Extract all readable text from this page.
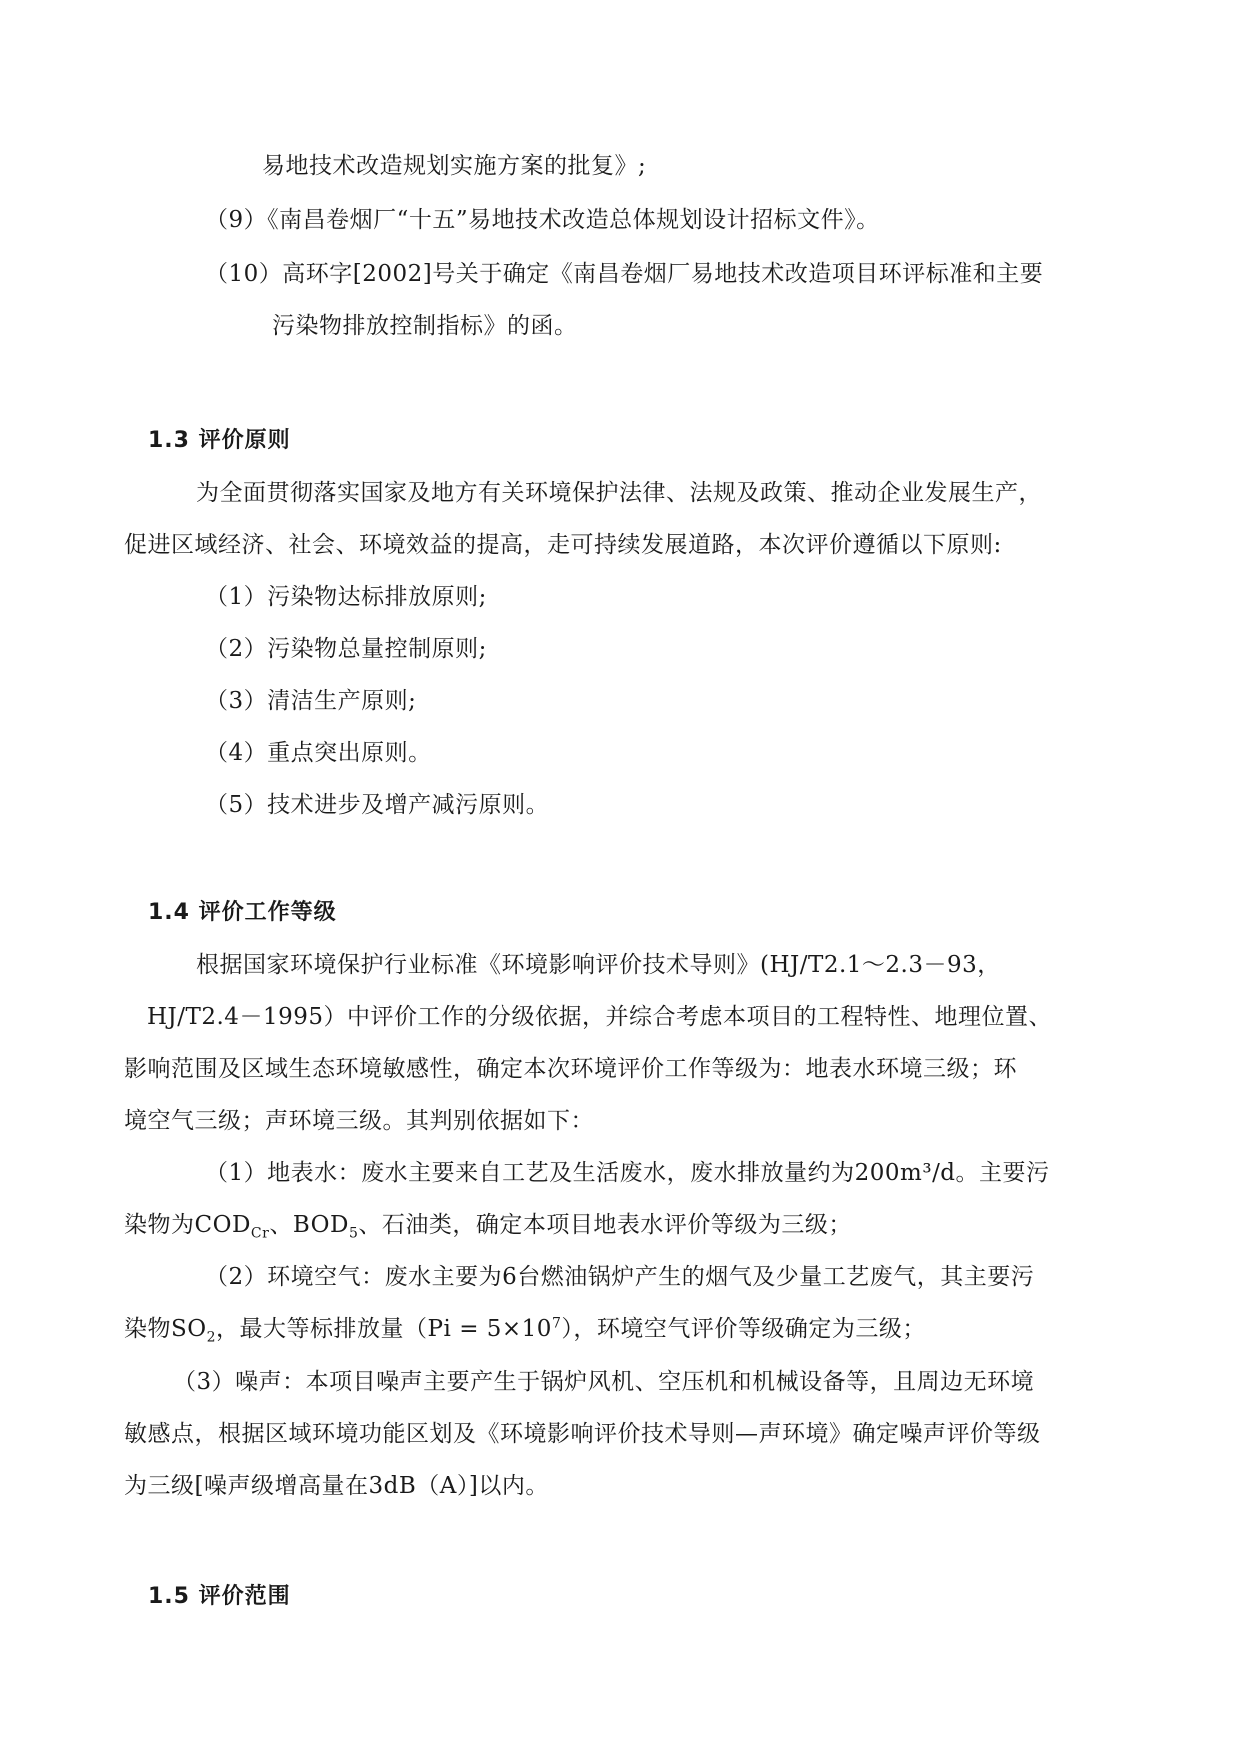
易地技术改造规划实施方案的批复》;
（9）《南昌卷烟厂“十五”易地技术改造总体规划设计招标文件》。
（10）高环字[2002]号关于确定《南昌卷烟厂易地技术改造项目环评标准和主要
污染物排放控制指标》的函。
1.3 评价原则
为全面贯彻落实国家及地方有关环境保护法律、法规及政策、推动企业发展生产，
促进区域经济、社会、环境效益的提高，走可持续发展道路，本次评价遵循以下原则:
（1）污染物达标排放原则;
（2）污染物总量控制原则;
（3）清洁生产原则;
（4）重点突出原则。
（5）技术进步及增产减污原则。
1.4 评价工作等级
根据国家环境保护行业标准《环境影响评价技术导则》(HJ/T2.1～2.3－93，
HJ/T2.4－1995）中评价工作的分级依据，并综合考虑本项目的工程特性、地理位置、
影响范围及区域生态环境敏感性，确定本次环境评价工作等级为：地表水环境三级；环
境空气三级；声环境三级。其判别依据如下：
（1）地表水：废水主要来自工艺及生活废水，废水排放量约为200m³/d。主要污
染物为$COD_{Cr}$、$BOD_5$、石油类，确定本项目地表水评价等级为三级；
（2）环境空气：废水主要为6台燃油锅炉产生的烟气及少量工艺废气，其主要污
染物$SO_2$，最大等标排放量$(Pi = 5\times 10^7)$，环境空气评价等级确定为三级；
（3）噪声：本项目噪声主要产生于锅炉风机、空压机和机械设备等，且周边无环境
敏感点，根据区域环境功能区划及《环境影响评价技术导则—声环境》确定噪声评价等级
为三级[噪声级增高量在3dB（A）]以内。
1.5 评价范围
